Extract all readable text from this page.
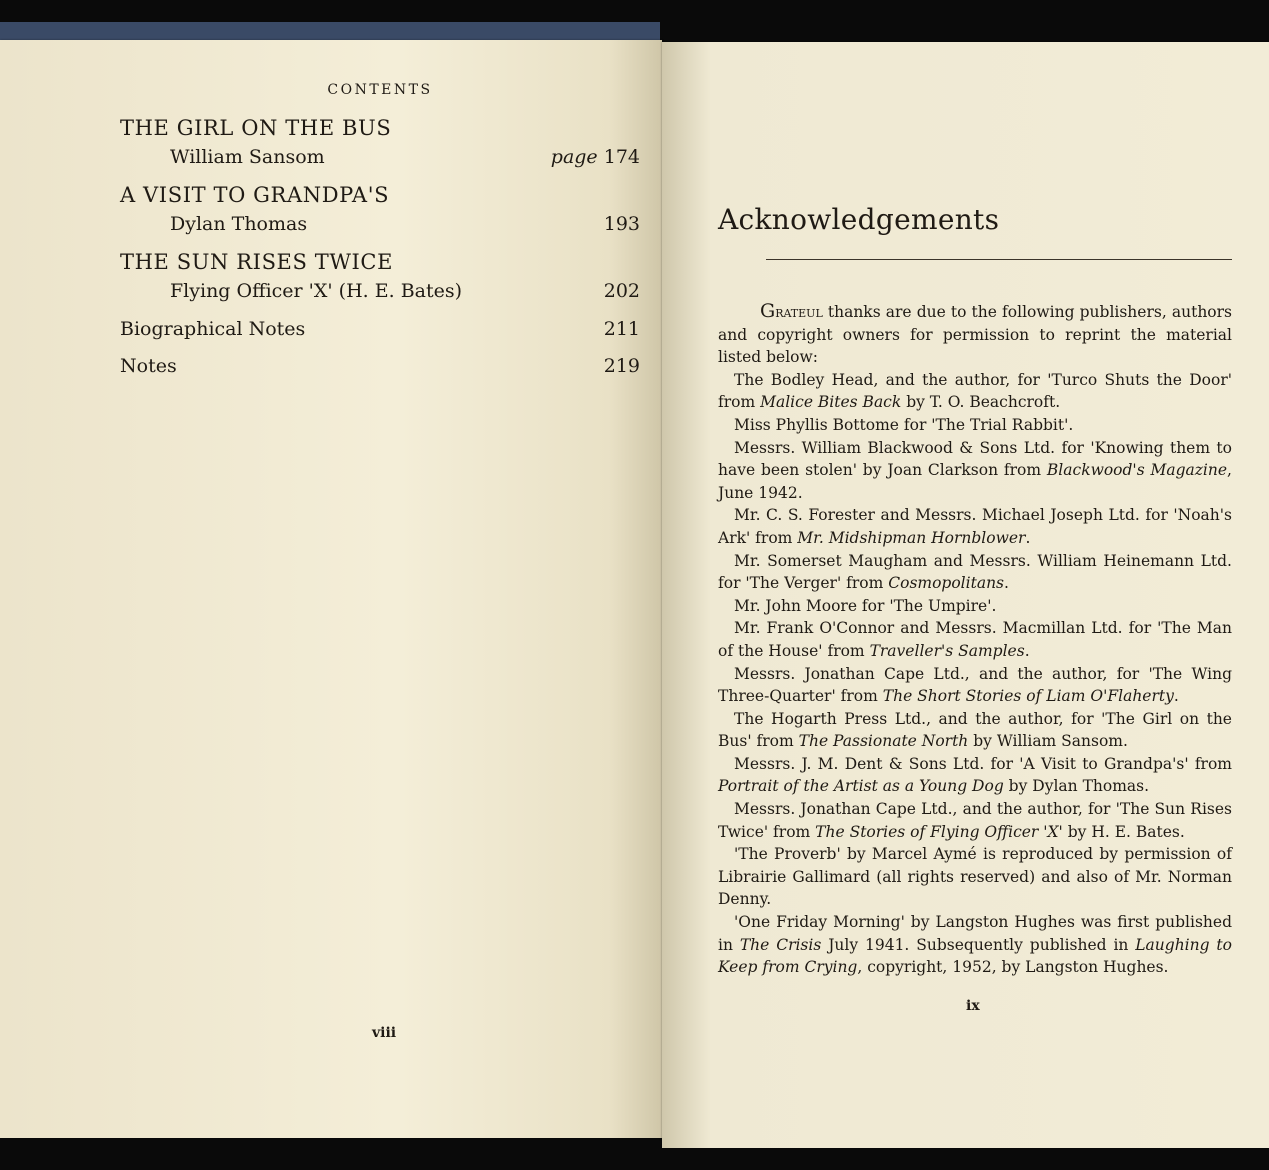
CONTENTS
THE GIRL ON THE BUS
William Sansom	page 174
A VISIT TO GRANDPA'S
Dylan Thomas	193
THE SUN RISES TWICE
Flying Officer 'X' (H. E. Bates)	202
Biographical Notes	211
Notes	219
viii
Acknowledgements

Grateul thanks are due to the following publishers, authors and copyright owners for permission to reprint the material listed below:

The Bodley Head, and the author, for 'Turco Shuts the Door' from Malice Bites Back by T. O. Beachcroft.

Miss Phyllis Bottome for 'The Trial Rabbit'.

Messrs. William Blackwood & Sons Ltd. for 'Knowing them to have been stolen' by Joan Clarkson from Blackwood's Magazine, June 1942.

Mr. C. S. Forester and Messrs. Michael Joseph Ltd. for 'Noah's Ark' from Mr. Midshipman Hornblower.

Mr. Somerset Maugham and Messrs. William Heinemann Ltd. for 'The Verger' from Cosmopolitans.

Mr. John Moore for 'The Umpire'.

Mr. Frank O'Connor and Messrs. Macmillan Ltd. for 'The Man of the House' from Traveller's Samples.

Messrs. Jonathan Cape Ltd., and the author, for 'The Wing Three-Quarter' from The Short Stories of Liam O'Flaherty.

The Hogarth Press Ltd., and the author, for 'The Girl on the Bus' from The Passionate North by William Sansom.

Messrs. J. M. Dent & Sons Ltd. for 'A Visit to Grandpa's' from Portrait of the Artist as a Young Dog by Dylan Thomas.

Messrs. Jonathan Cape Ltd., and the author, for 'The Sun Rises Twice' from The Stories of Flying Officer 'X' by H. E. Bates.

'The Proverb' by Marcel Aymé is reproduced by permission of Librairie Gallimard (all rights reserved) and also of Mr. Norman Denny.

'One Friday Morning' by Langston Hughes was first published in The Crisis July 1941. Subsequently published in Laughing to Keep from Crying, copyright, 1952, by Langston Hughes.

ix
